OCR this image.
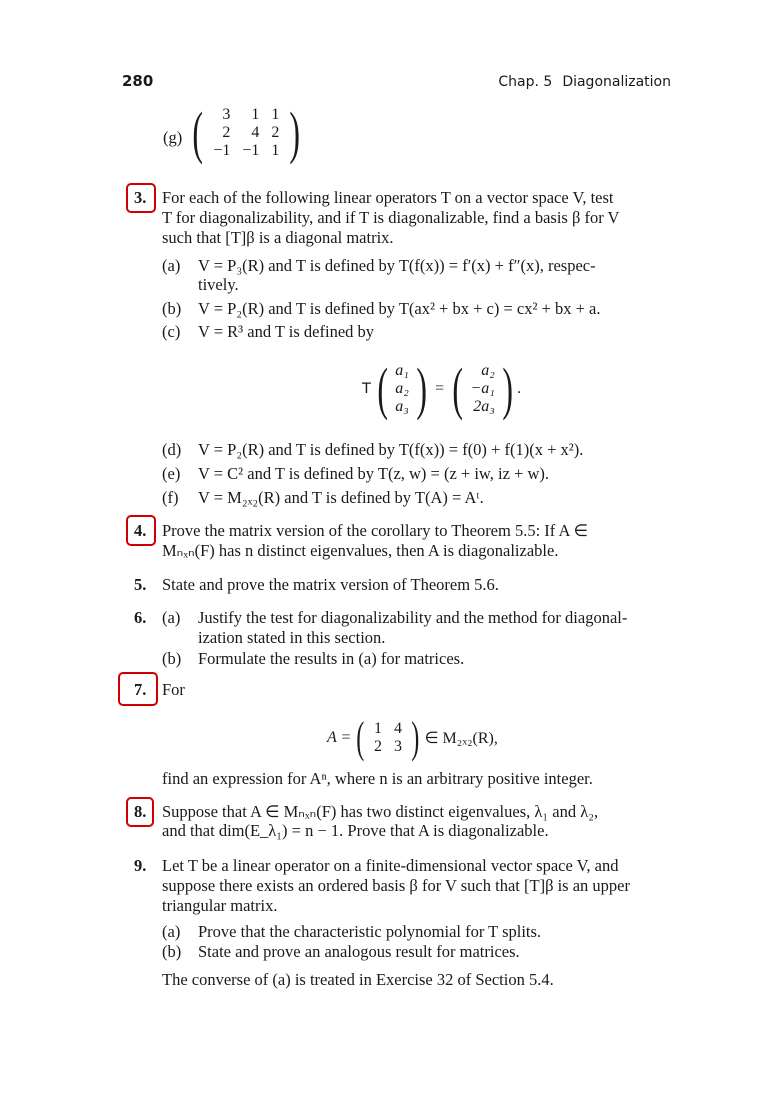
280	Chap. 5 Diagonalization
(g) (	3	1 1
2	4 2
−1 −1 1 )
3. For each of the following linear operators T on a vector space V, test
T for diagonalizability, and if T is diagonalizable, find a basis β for V
such that [T]β is a diagonal matrix.
(a) V = P₃(R) and T is defined by T(f(x)) = f′(x) + f″(x), respec-
tively.
(b) V = P₂(R) and T is defined by T(ax² + bx + c) = cx² + bx + a.
(c) V = R³ and T is defined by
T ( a₁
a₂
a₃ ) = (	a₂
−a₁
2a₃ ) .
(d) V = P₂(R) and T is defined by T(f(x)) = f(0) + f(1)(x + x²).
(e) V = C² and T is defined by T(z, w) = (z + iw, iz + w).
(f) V = M₂ₓ₂(R) and T is defined by T(A) = Aᵗ.
4. Prove the matrix version of the corollary to Theorem 5.5: If A ∈
Mₙₓₙ(F) has n distinct eigenvalues, then A is diagonalizable.
5. State and prove the matrix version of Theorem 5.6.
6. (a) Justify the test for diagonalizability and the method for diagonal-
ization stated in this section.
(b) Formulate the results in (a) for matrices.
7. For
A = ( 1 4
2 3 ) ∈ M₂ₓ₂(R),
find an expression for Aⁿ, where n is an arbitrary positive integer.
8. Suppose that A ∈ Mₙₓₙ(F) has two distinct eigenvalues, λ₁ and λ₂,
and that dim(E_λ₁) = n − 1. Prove that A is diagonalizable.
9. Let T be a linear operator on a finite-dimensional vector space V, and
suppose there exists an ordered basis β for V such that [T]β is an upper
triangular matrix.
(a) Prove that the characteristic polynomial for T splits.
(b) State and prove an analogous result for matrices.
The converse of (a) is treated in Exercise 32 of Section 5.4.
